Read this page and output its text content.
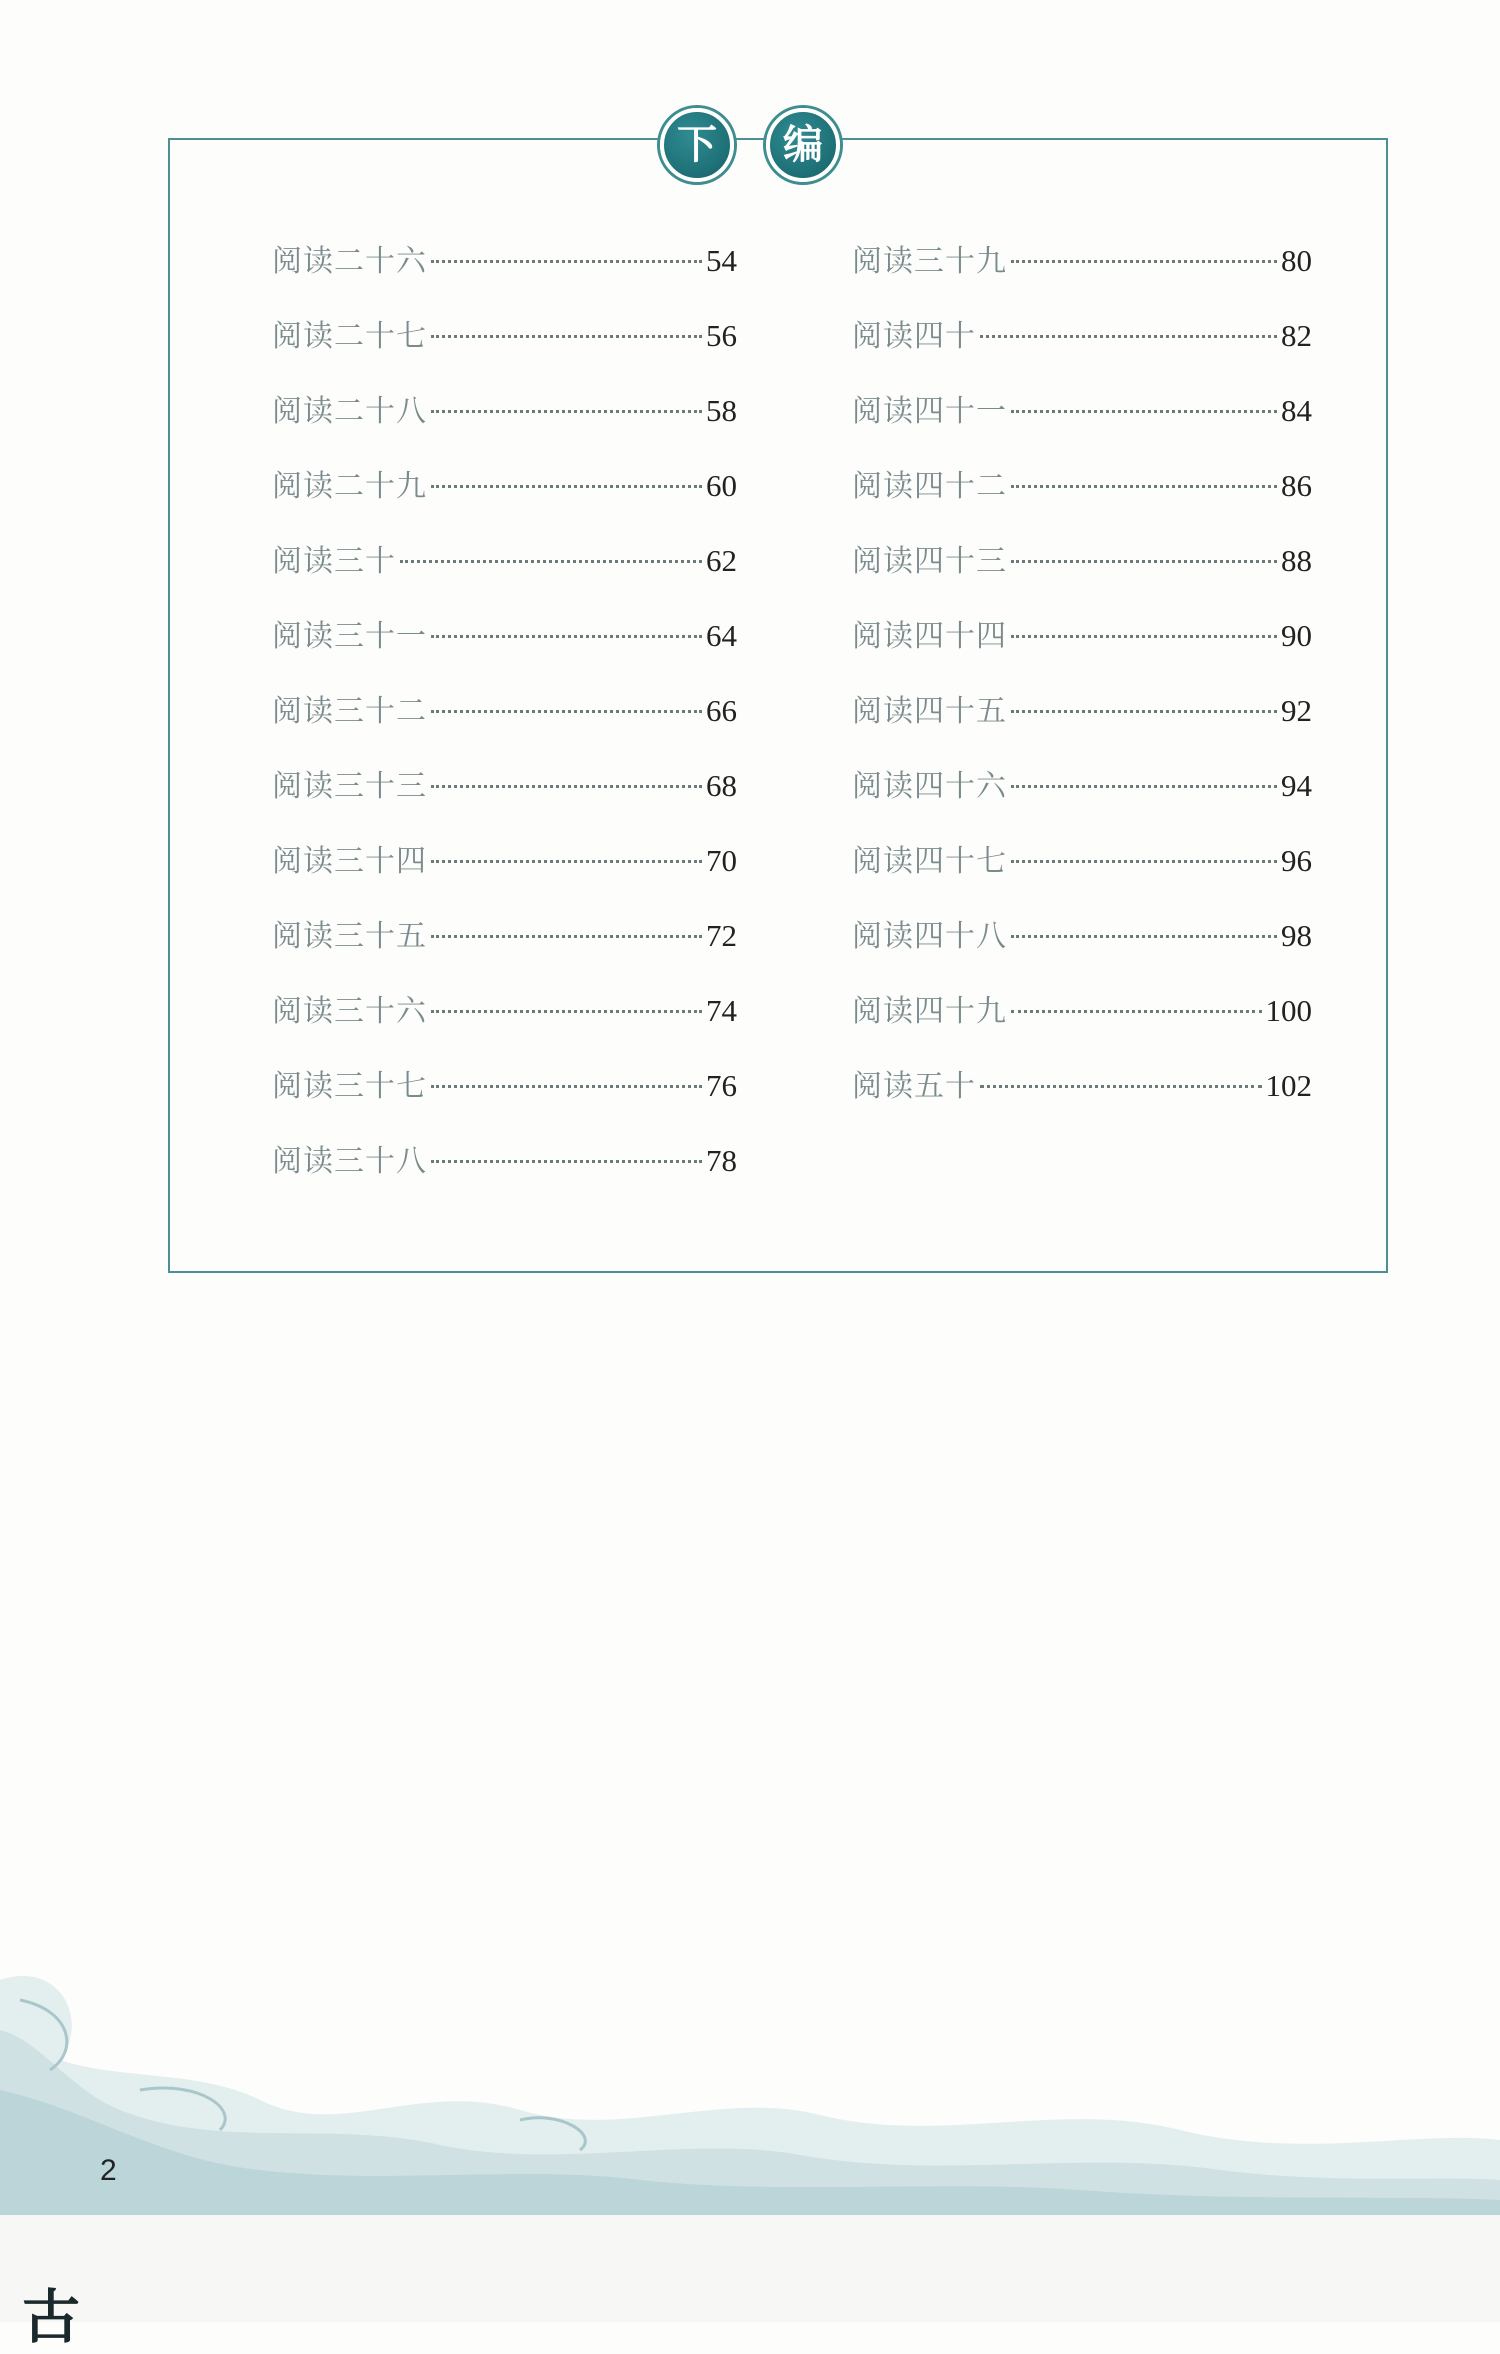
下	编
阅读二十六	54
阅读二十七	56
阅读二十八	58
阅读二十九	60
阅读三十	62
阅读三十一	64
阅读三十二	66
阅读三十三	68
阅读三十四	70
阅读三十五	72
阅读三十六	74
阅读三十七	76
阅读三十八	78
阅读三十九	80
阅读四十	82
阅读四十一	84
阅读四十二	86
阅读四十三	88
阅读四十四	90
阅读四十五	92
阅读四十六	94
阅读四十七	96
阅读四十八	98
阅读四十九	100
阅读五十	102
2
古
